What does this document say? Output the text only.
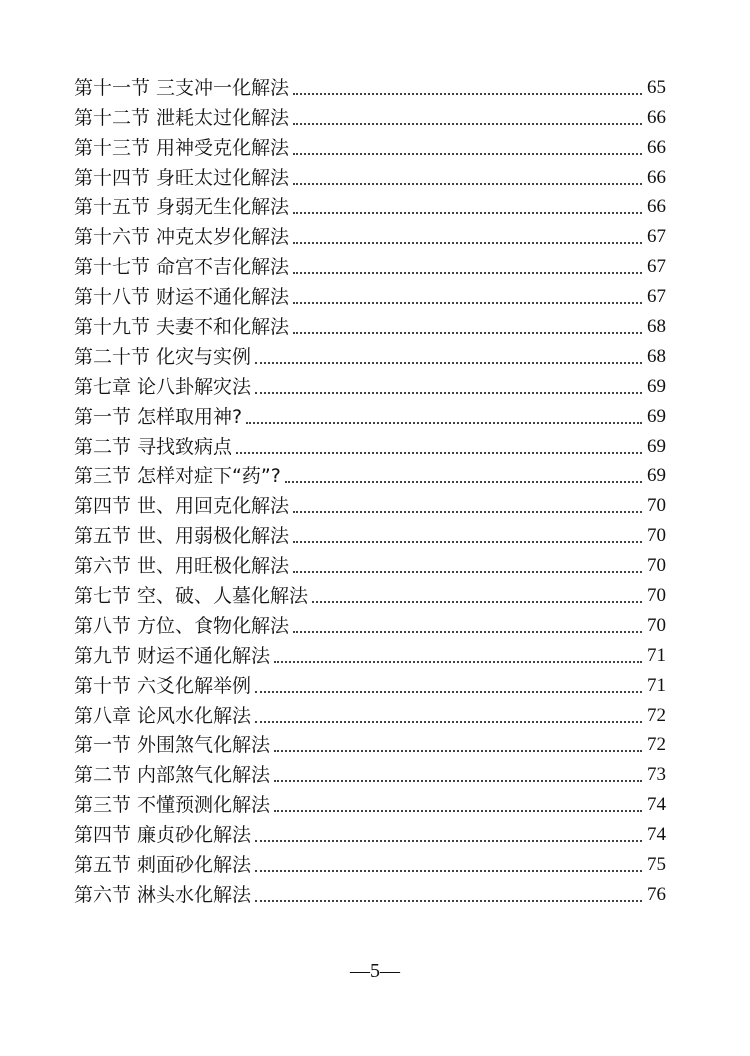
第十一节 三支冲一化解法	65
第十二节 泄耗太过化解法	66
第十三节 用神受克化解法	66
第十四节 身旺太过化解法	66
第十五节 身弱无生化解法	66
第十六节 冲克太岁化解法	67
第十七节 命宫不吉化解法	67
第十八节 财运不通化解法	67
第十九节 夫妻不和化解法	68
第二十节 化灾与实例	68
第七章 论八卦解灾法	69
第一节 怎样取用神?	69
第二节 寻找致病点	69
第三节 怎样对症下“药”?	69
第四节 世、用回克化解法	70
第五节 世、用弱极化解法	70
第六节 世、用旺极化解法	70
第七节 空、破、人墓化解法	70
第八节 方位、食物化解法	70
第九节 财运不通化解法	71
第十节 六爻化解举例	71
第八章 论风水化解法	72
第一节 外围煞气化解法	72
第二节 内部煞气化解法	73
第三节 不懂预测化解法	74
第四节 廉贞砂化解法	74
第五节 刺面砂化解法	75
第六节 淋头水化解法	76
—5—
